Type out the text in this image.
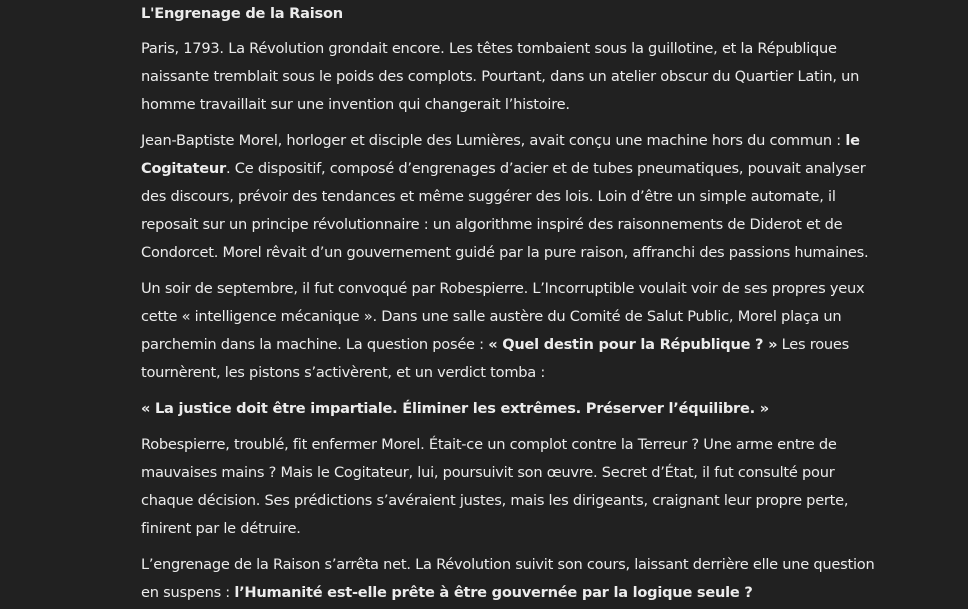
L'Engrenage de la Raison

Paris, 1793. La Révolution grondait encore. Les têtes tombaient sous la guillotine, et la République naissante tremblait sous le poids des complots. Pourtant, dans un atelier obscur du Quartier Latin, un homme travaillait sur une invention qui changerait l’histoire.

Jean-Baptiste Morel, horloger et disciple des Lumières, avait conçu une machine hors du commun : le Cogitateur. Ce dispositif, composé d’engrenages d’acier et de tubes pneumatiques, pouvait analyser des discours, prévoir des tendances et même suggérer des lois. Loin d’être un simple automate, il reposait sur un principe révolutionnaire : un algorithme inspiré des raisonnements de Diderot et de Condorcet. Morel rêvait d’un gouvernement guidé par la pure raison, affranchi des passions humaines.

Un soir de septembre, il fut convoqué par Robespierre. L’Incorruptible voulait voir de ses propres yeux cette « intelligence mécanique ». Dans une salle austère du Comité de Salut Public, Morel plaça un parchemin dans la machine. La question posée : « Quel destin pour la République ? » Les roues tournèrent, les pistons s’activèrent, et un verdict tomba :

« La justice doit être impartiale. Éliminer les extrêmes. Préserver l’équilibre. »

Robespierre, troublé, fit enfermer Morel. Était-ce un complot contre la Terreur ? Une arme entre de mauvaises mains ? Mais le Cogitateur, lui, poursuivit son œuvre. Secret d’État, il fut consulté pour chaque décision. Ses prédictions s’avéraient justes, mais les dirigeants, craignant leur propre perte, finirent par le détruire.

L’engrenage de la Raison s’arrêta net. La Révolution suivit son cours, laissant derrière elle une question en suspens : l’Humanité est-elle prête à être gouvernée par la logique seule ?
